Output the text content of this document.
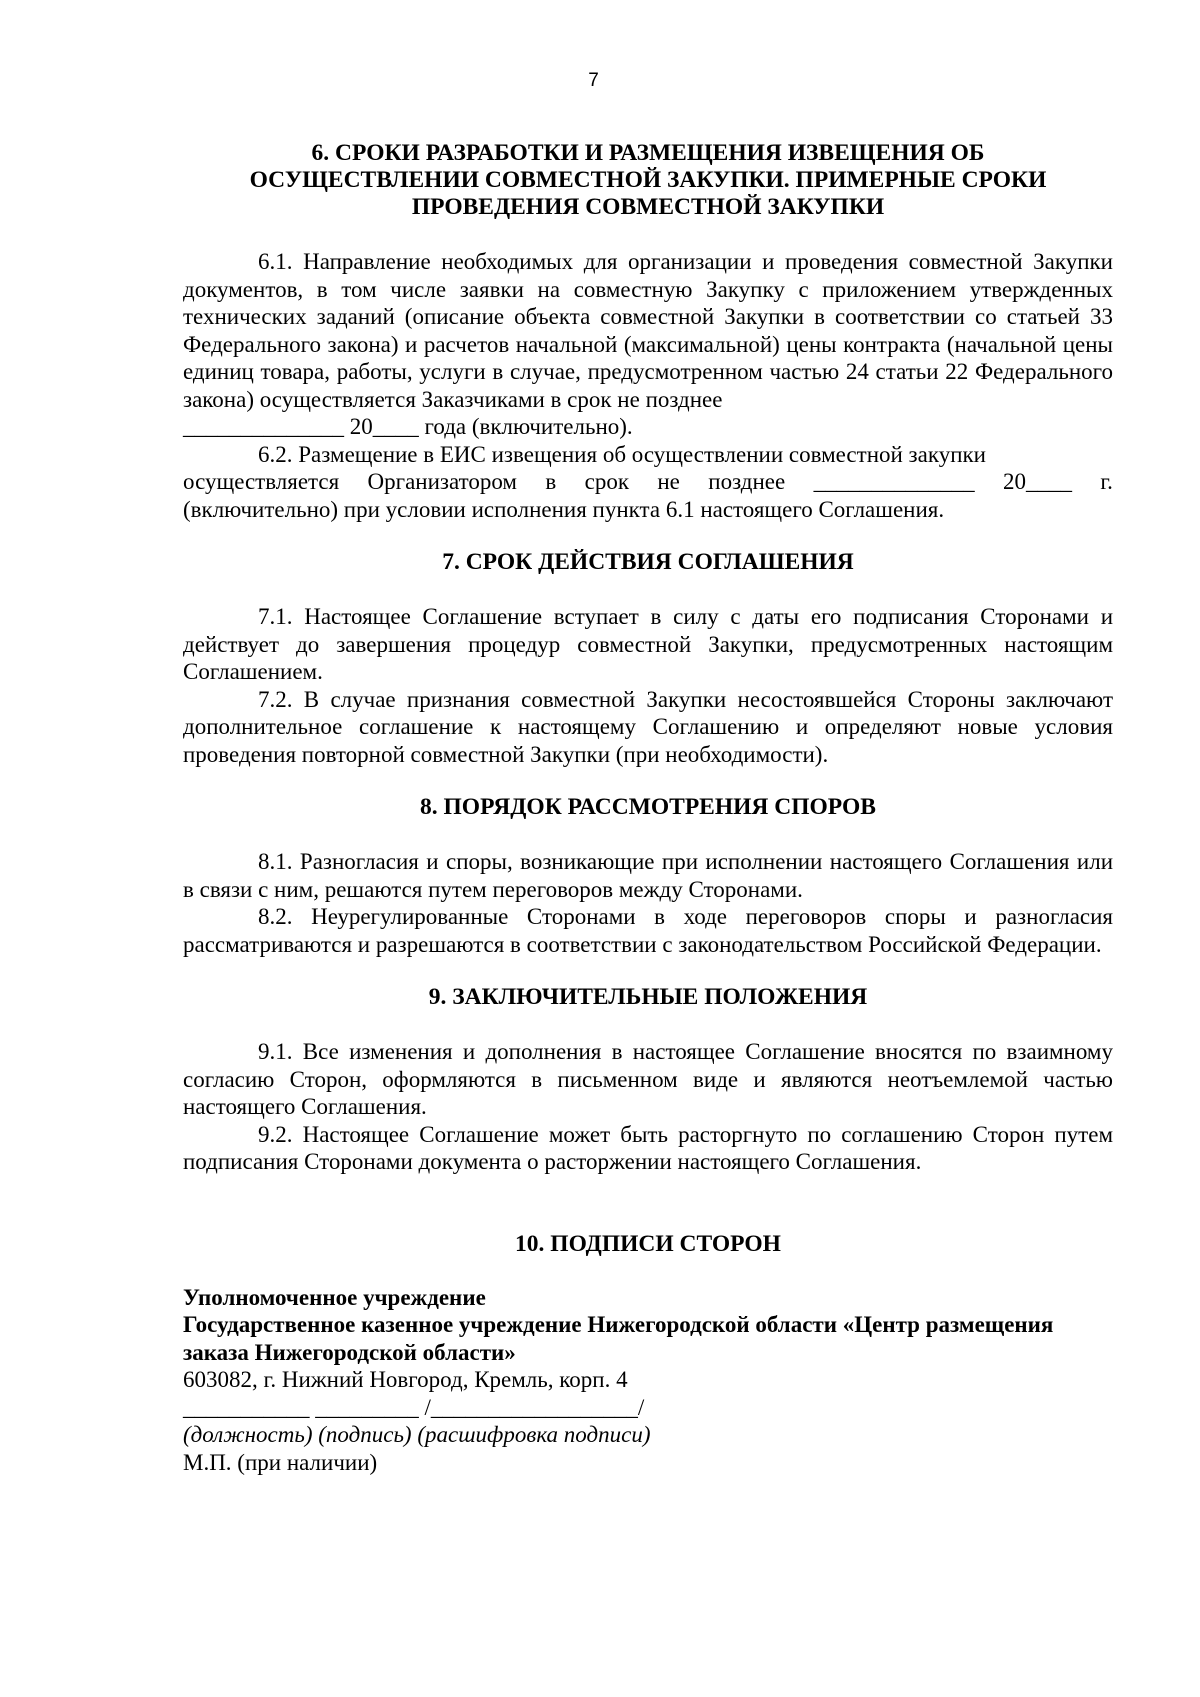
7
6. СРОКИ РАЗРАБОТКИ И РАЗМЕЩЕНИЯ ИЗВЕЩЕНИЯ ОБ
ОСУЩЕСТВЛЕНИИ СОВМЕСТНОЙ ЗАКУПКИ. ПРИМЕРНЫЕ СРОКИ
ПРОВЕДЕНИЯ СОВМЕСТНОЙ ЗАКУПКИ

6.1. Направление необходимых для организации и проведения совместной Закупки документов, в том числе заявки на совместную Закупку с приложением утвержденных технических заданий (описание объекта совместной Закупки в соответствии со статьей 33 Федерального закона) и расчетов начальной (максимальной) цены контракта (начальной цены единиц товара, работы, услуги в случае, предусмотренном частью 24 статьи 22 Федерального закона) осуществляется Заказчиками в срок не позднее

______________ 20____ года (включительно).

6.2. Размещение в ЕИС извещения об осуществлении совместной закупки

осуществляется Организатором в срок не позднее ______________ 20____ г.

(включительно) при условии исполнения пункта 6.1 настоящего Соглашения.

7. СРОК ДЕЙСТВИЯ СОГЛАШЕНИЯ

7.1. Настоящее Соглашение вступает в силу с даты его подписания Сторонами и действует до завершения процедур совместной Закупки, предусмотренных настоящим Соглашением.

7.2. В случае признания совместной Закупки несостоявшейся Стороны заключают дополнительное соглашение к настоящему Соглашению и определяют новые условия проведения повторной совместной Закупки (при необходимости).

8. ПОРЯДОК РАССМОТРЕНИЯ СПОРОВ

8.1. Разногласия и споры, возникающие при исполнении настоящего Соглашения или в связи с ним, решаются путем переговоров между Сторонами.

8.2. Неурегулированные Сторонами в ходе переговоров споры и разногласия рассматриваются и разрешаются в соответствии с законодательством Российской Федерации.

9. ЗАКЛЮЧИТЕЛЬНЫЕ ПОЛОЖЕНИЯ

9.1. Все изменения и дополнения в настоящее Соглашение вносятся по взаимному согласию Сторон, оформляются в письменном виде и являются неотъемлемой частью настоящего Соглашения.

9.2. Настоящее Соглашение может быть расторгнуто по соглашению Сторон путем подписания Сторонами документа о расторжении настоящего Соглашения.

10. ПОДПИСИ СТОРОН

Уполномоченное учреждение

Государственное казенное учреждение Нижегородской области «Центр размещения заказа Нижегородской области»

603082, г. Нижний Новгород, Кремль, корп. 4

___________ _________ /__________________/

(должность) (подпись) (расшифровка подписи)

М.П. (при наличии)
